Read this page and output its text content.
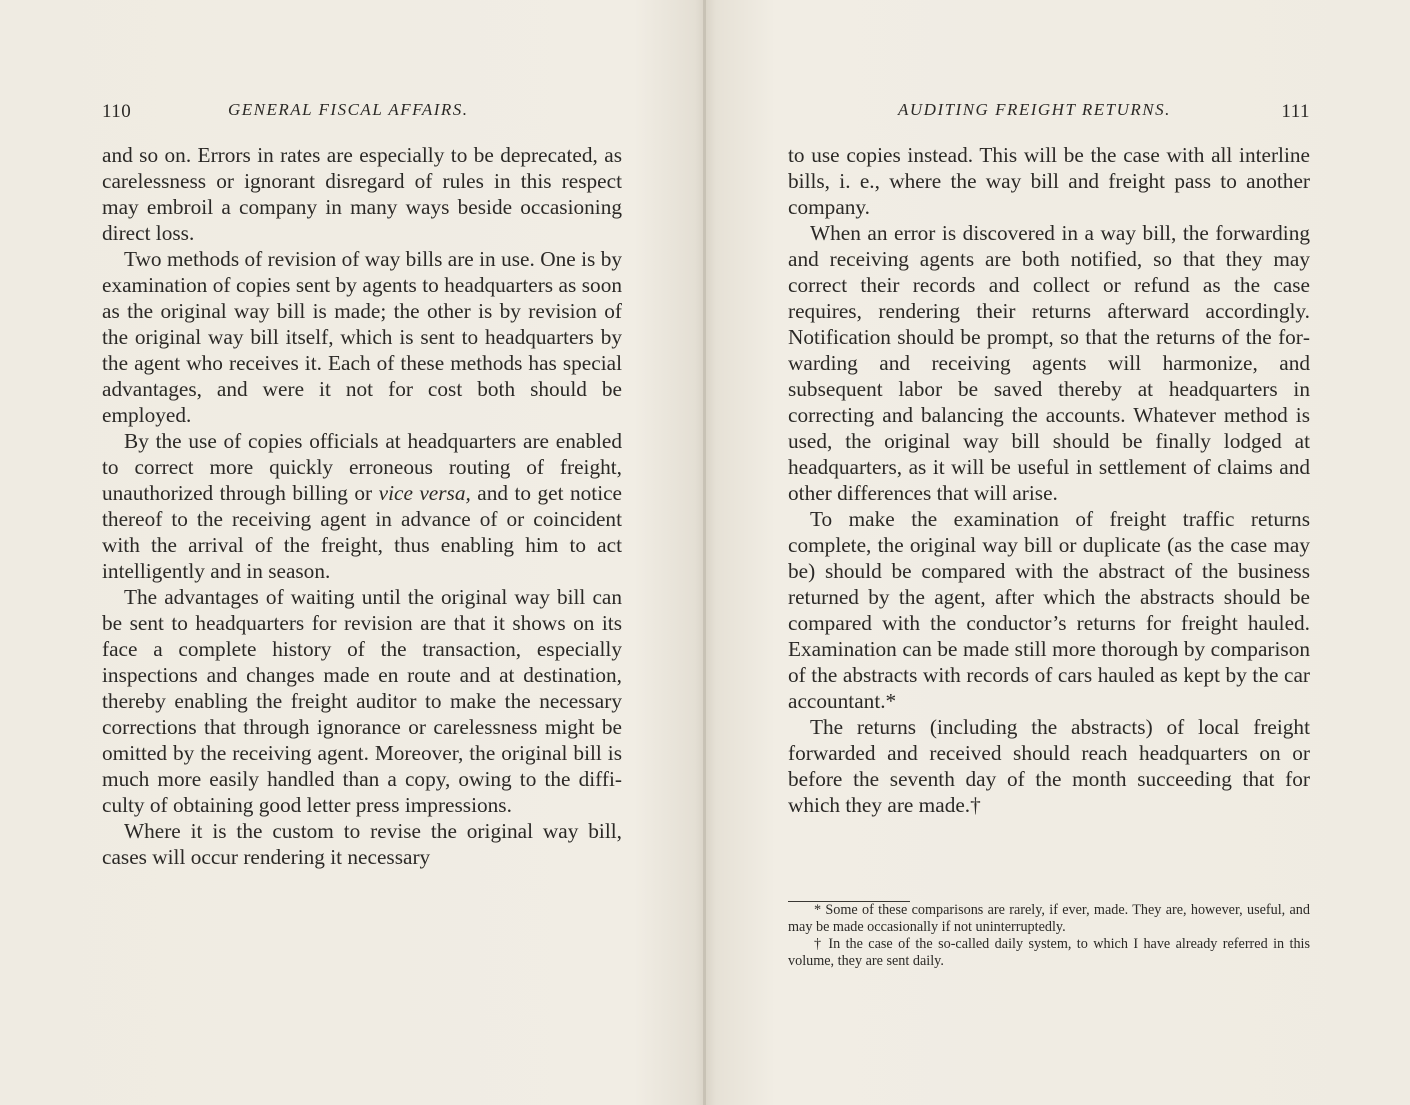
110	GENERAL FISCAL AFFAIRS.

and so on. Errors in rates are especially to be deprecated, as carelessness or ignorant disregard of rules in this respect may embroil a company in many ways beside occasioning direct loss.

Two methods of revision of way bills are in use. One is by examination of copies sent by agents to headquarters as soon as the original way bill is made; the other is by revision of the original way bill itself, which is sent to headquarters by the agent who receives it. Each of these methods has special advantages, and were it not for cost both should be employed.

By the use of copies officials at headquarters are enabled to correct more quickly erroneous routing of freight, unauthorized through billing or vice versa, and to get notice thereof to the receiving agent in advance of or coincident with the arrival of the freight, thus enabling him to act intelligently and in season.

The advantages of waiting until the original way bill can be sent to headquarters for revision are that it shows on its face a complete history of the transaction, especially inspections and changes made en route and at destination, thereby enabling the freight auditor to make the necessary corrections that through ignorance or carelessness might be omitted by the receiving agent. Moreover, the original bill is much more easily handled than a copy, owing to the difficulty of obtaining good letter press impressions.

Where it is the custom to revise the original way bill, cases will occur rendering it necessary

AUDITING FREIGHT RETURNS.	111

to use copies instead. This will be the case with all interline bills, i. e., where the way bill and freight pass to another company.

When an error is discovered in a way bill, the forwarding and receiving agents are both notified, so that they may correct their records and collect or refund as the case requires, rendering their returns afterward accordingly. Notification should be prompt, so that the returns of the forwarding and receiving agents will harmonize, and subsequent labor be saved thereby at headquarters in correcting and balancing the accounts. Whatever method is used, the original way bill should be finally lodged at headquarters, as it will be useful in settlement of claims and other differences that will arise.

To make the examination of freight traffic returns complete, the original way bill or duplicate (as the case may be) should be compared with the abstract of the business returned by the agent, after which the abstracts should be compared with the conductor’s returns for freight hauled. Examination can be made still more thorough by comparison of the abstracts with records of cars hauled as kept by the car accountant.*

The returns (including the abstracts) of local freight forwarded and received should reach headquarters on or before the seventh day of the month succeeding that for which they are made.†

* Some of these comparisons are rarely, if ever, made. They are, however, useful, and may be made occasionally if not uninterruptedly.

† In the case of the so-called daily system, to which I have already referred in this volume, they are sent daily.
